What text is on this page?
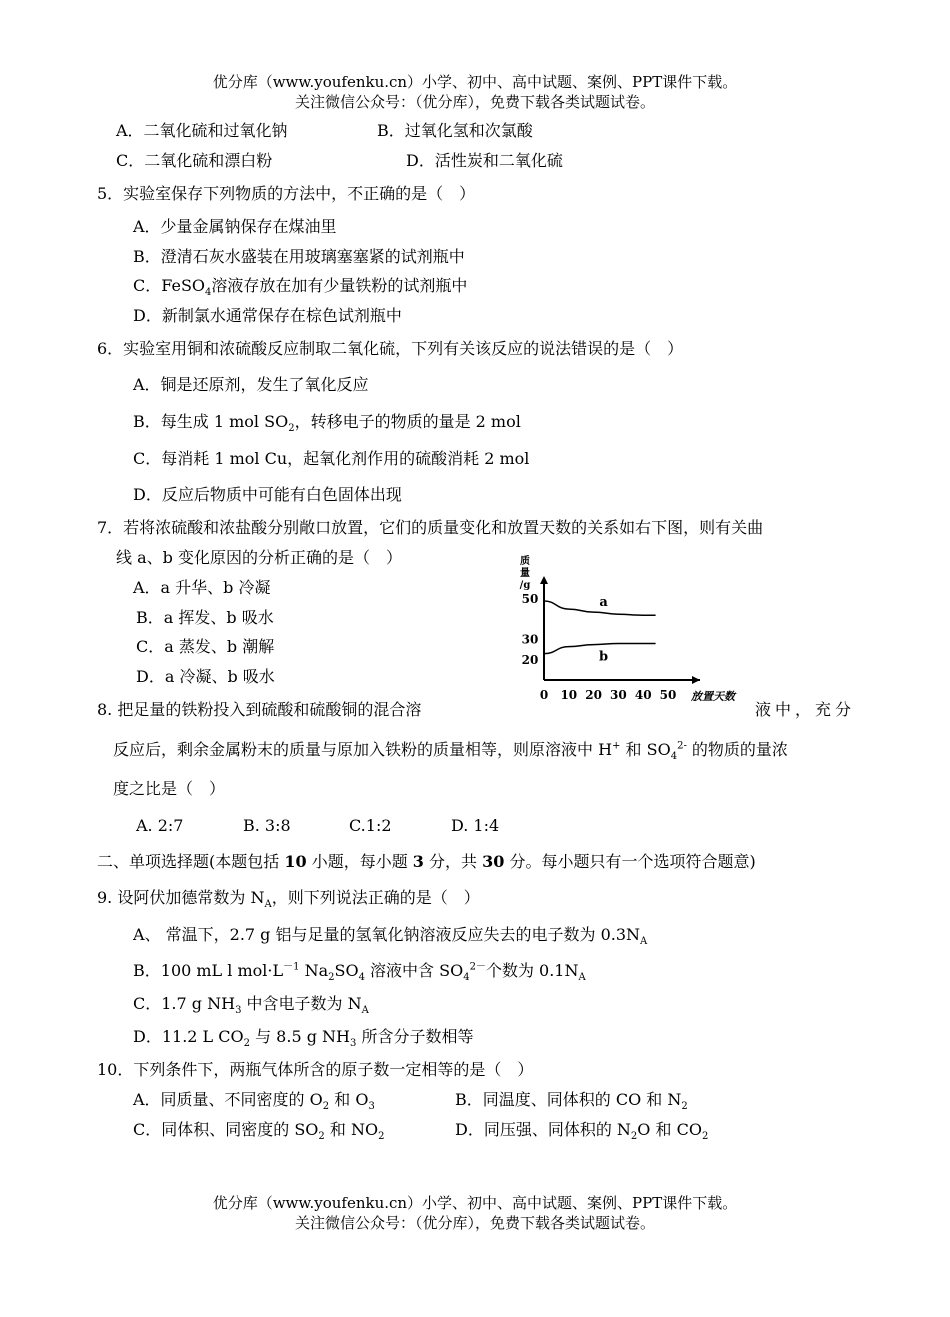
优分库（www.youfenku.cn）小学、初中、高中试题、案例、PPT课件下载。
关注微信公众号：（优分库），免费下载各类试题试卷。
A．二氧化硫和过氧化钠	B．过氧化氢和次氯酸
C．二氧化硫和漂白粉	D．活性炭和二氧化硫
5．实验室保存下列物质的方法中，不正确的是（　）
A．少量金属钠保存在煤油里
B．澄清石灰水盛装在用玻璃塞塞紧的试剂瓶中
C．FeSO$_4$溶液存放在加有少量铁粉的试剂瓶中
D．新制氯水通常保存在棕色试剂瓶中
6．实验室用铜和浓硫酸反应制取二氧化硫，下列有关该反应的说法错误的是（　）
A．铜是还原剂，发生了氧化反应
B．每生成 1 mol $SO_2$，转移电子的物质的量是 2 mol
C．每消耗 1 mol Cu，起氧化剂作用的硫酸消耗 2 mol
D．反应后物质中可能有白色固体出现
7．若将浓硫酸和浓盐酸分别敞口放置，它们的质量变化和放置天数的关系如右下图，则有关曲
线 a、b 变化原因的分析正确的是（　）
A．a 升华、b 冷凝
B．a 挥发、b 吸水
C．a 蒸发、b 潮解
D．a 冷凝、b 吸水
质
量
/g
0 10 20 30 40 50
50
30
20
放置天数
a
b
8. 把足量的铁粉投入到硫酸和硫酸铜的混合溶	液中，充分
反应后，剩余金属粉末的质量与原加入铁粉的质量相等，则原溶液中 H+ 和 $SO_4^{2-}$ 的物质的量浓
度之比是（　）
A. 2:7	B. 3:8	C.1:2	D. 1:4
二、单项选择题(本题包括 10 小题，每小题 3 分，共 30 分。每小题只有一个选项符合题意)
9. 设阿伏加德常数为 $N_A$，则下列说法正确的是（　）
A、 常温下，2.7 g 铝与足量的氢氧化钠溶液反应失去的电子数为 $0.3N_A$
B．100 mL l $mol\cdot L^{-1}$ $Na_2SO_4$ 溶液中含 $SO_4^{2-}$个数为 $0.1N_A$
C．1.7 g $NH_3$ 中含电子数为 $N_A$
D．11.2 L $CO_2$ 与 8.5 g $NH_3$ 所含分子数相等
10．下列条件下，两瓶气体所含的原子数一定相等的是（　）
A．同质量、不同密度的 $O_2$ 和 $O_3$	B．同温度、同体积的 CO 和 $N_2$
C．同体积、同密度的 $SO_2$ 和 $NO_2$	D．同压强、同体积的 $N_2O$ 和 $CO_2$
优分库（www.youfenku.cn）小学、初中、高中试题、案例、PPT课件下载。
关注微信公众号：（优分库），免费下载各类试题试卷。
